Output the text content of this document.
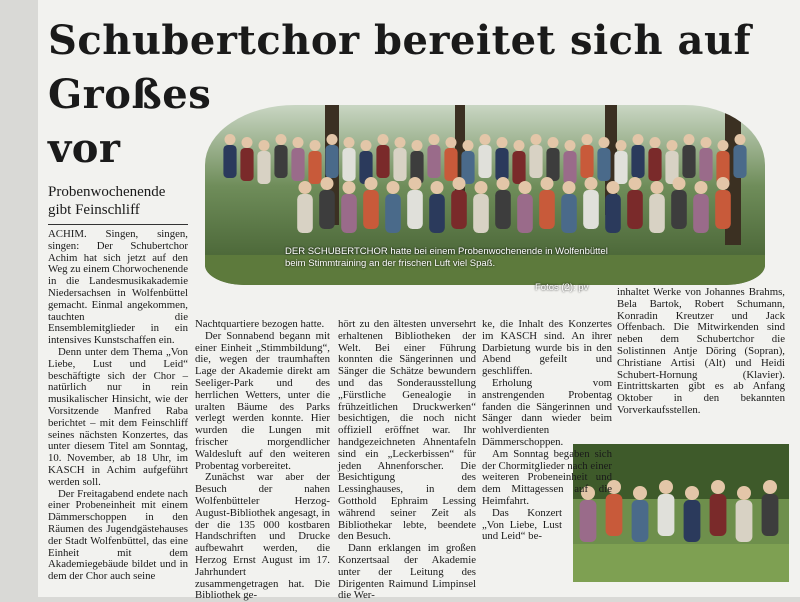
Schubertchor bereitet sich auf
Großes
vor
Probenwochenende gibt Feinschliff
DER SCHUBERTCHOR hatte bei einem Probenwochenende in Wolfenbüttel beim Stimmtraining an der frischen Luft viel Spaß.
Fotos (2): pv

ACHIM. Singen, singen, singen: Der Schubertchor Achim hat sich jetzt auf den Weg zu einem Chorwochenende in die Landesmusikakademie Niedersachsen in Wolfenbüttel gemacht. Einmal angekommen, tauchten die Ensemblemitglieder in ein intensives Kunstschaffen ein.

Denn unter dem Thema „Von Liebe, Lust und Leid“ beschäftigte sich der Chor – natürlich nur in rein musikalischer Hinsicht, wie der Vorsitzende Manfred Raba berichtet – mit dem Feinschliff seines nächsten Konzertes, das unter diesem Titel am Sonntag, 10. November, ab 18 Uhr, im KASCH in Achim aufgeführt werden soll.

Der Freitagabend endete nach einer Probeneinheit mit einem Dämmerschoppen in den Räumen des Jugendgästehauses der Stadt Wolfenbüttel, das eine Einheit mit dem Akademiegebäude bildet und in dem der Chor auch seine

Nachtquartiere bezogen hatte.

Der Sonnabend begann mit einer Einheit „Stimmbildung“, die, wegen der traumhaften Lage der Akademie direkt am Seeliger-Park und des herrlichen Wetters, unter die uralten Bäume des Parks verlegt werden konnte. Hier wurden die Lungen mit frischer morgendlicher Waldesluft auf den weiteren Probentag vorbereitet.

Zunächst war aber der Besuch der nahen Wolfenbütteler Herzog-August-Bibliothek angesagt, in der die 135 000 kostbaren Handschriften und Drucke aufbewahrt werden, die Herzog Ernst August im 17. Jahrhundert zusammengetragen hat. Die Bibliothek ge-

hört zu den ältesten unversehrt erhaltenen Bibliotheken der Welt. Bei einer Führung konnten die Sängerinnen und Sänger die Schätze bewundern und das Sonderausstellung „Fürstliche Genealogie in frühzeitlichen Druckwerken“ besichtigen, die noch nicht offiziell eröffnet war. Ihr handgezeichneten Ahnentafeln sind ein „Leckerbissen“ für jeden Ahnenforscher. Die Besichtigung des Lessinghauses, in dem Gotthold Ephraim Lessing während seiner Zeit als Bibliothekar lebte, beendete den Besuch.

Dann erklangen im großen Konzertsaal der Akademie unter der Leitung des Dirigenten Raimund Limpinsel die Wer-

ke, die Inhalt des Konzertes im KASCH sind. An ihrer Darbietung wurde bis in den Abend gefeilt und geschliffen.

Erholung vom anstrengenden Probentag fanden die Sängerinnen und Sänger dann wieder beim wohlverdienten Dämmerschoppen.

Am Sonntag begaben sich der Chormitglieder nach einer weiteren Probeneinheit und dem Mittagessen auf die Heimfahrt.

Das Konzert „Von Liebe, Lust und Leid“ be-

inhaltet Werke von Johannes Brahms, Bela Bartok, Robert Schumann, Konradin Kreutzer und Jack Offenbach. Die Mitwirkenden sind neben dem Schubertchor die Solistinnen Antje Döring (Sopran), Christiane Artisi (Alt) und Heidi Schubert-Hornung (Klavier). Eintrittskarten gibt es ab Anfang Oktober in den bekannten Vorverkaufsstellen.
